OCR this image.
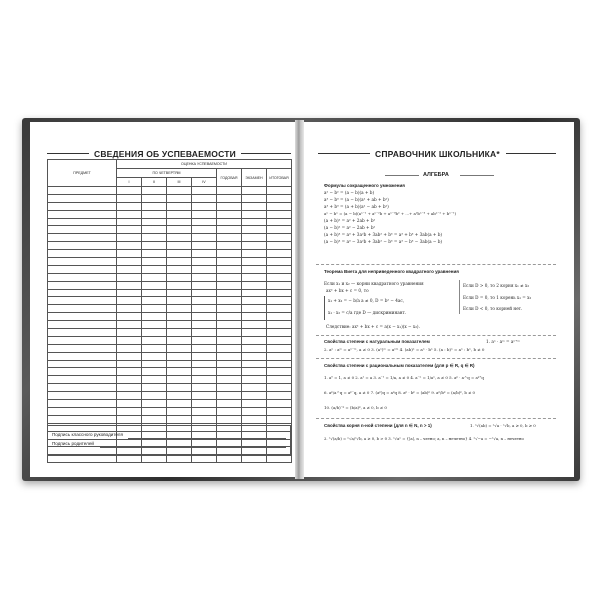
СВЕДЕНИЯ ОБ УСПЕВАЕМОСТИ
ПРЕДМЕТ	ОЦЕНКА УСПЕВАЕМОСТИ						
	ПО ЧЕТВЕРТЯМ				ГОДОВАЯ	ЭКЗАМЕН	ИТОГОВАЯ
	I	II	III	IV			

Подпись классного руководителя
Подпись родителей
СПРАВОЧНИК ШКОЛЬНИКА*
АЛГЕБРА
Формулы сокращенного умножения
a² − b² = (a − b)(a + b)
a³ − b³ = (a − b)(a² + ab + b²)
a³ + b³ = (a + b)(a² − ab + b²)
aⁿ − bⁿ = (a − b)(aⁿ⁻¹ + aⁿ⁻²b + aⁿ⁻³b² + ...+ a²bⁿ⁻³ + abⁿ⁻² + bⁿ⁻¹)
(a + b)² = a² + 2ab + b²
(a − b)² = a² − 2ab + b²
(a + b)³ = a³ + 3a²b + 3ab² + b³ = a³ + b³ + 3ab(a + b)
(a − b)³ = a³ − 3a²b + 3ab² − b³ = a³ − b³ − 3ab(a − b)
Теорема Виета для неприведенного квадратного уравнения
Если x₁ и x₂ — корни квадратного уравнения
ax² + bx + c = 0, то
x₁ + x₂ = − b/a a ≠ 0, D = b² − 4ac,
x₁ · x₂ = c/a где D — дискриминант.
Следствие: ax² + bx + c = a(x − x₁)(x − x₂).
Если D > 0, то 2 корня x₁ ≠ x₂
Если D = 0, то 1 корень x₁ = x₂
Если D < 0, то корней нет.
Свойства степени с натуральным показателем	1. aⁿ · aᵐ = aⁿ⁺ᵐ
2. aⁿ : aᵐ = aⁿ⁻ᵐ, a ≠ 0 3. (aⁿ)ᵐ = aⁿᵐ 4. (ab)ⁿ = aⁿ · bⁿ 5. (a : b)ⁿ = aⁿ : bⁿ, b ≠ 0
Свойства степени с рациональным показателем (для p ∈ R, q ∈ R)
1. a⁰ = 1, a ≠ 0 2. a¹ = a 3. a⁻¹ = 1/a, a ≠ 0 4. a⁻ⁿ = 1/aⁿ, a ≠ 0 5. aᵖ · a^q = aᵖ⁺q
6. aᵖ/a^q = aᵖ⁻q, a ≠ 0 7. (aᵖ)q = aᵖq 8. aᵖ · bᵖ = (ab)ᵖ 9. aᵖ/bᵖ = (a/b)ᵖ, b ≠ 0
10. (a/b)⁻ᵖ = (b/a)ᵖ, a ≠ 0, b ≠ 0
Свойства корня n-ной степени (для n ∈ N, n > 1)	1. ⁿ√(ab) = ⁿ√a · ⁿ√b, a ≥ 0, b ≥ 0
2. ⁿ√(a/b) = ⁿ√a/ⁿ√b, a ≥ 0, b > 0 3. ⁿ√aⁿ = {|a|, n – четно; a, n – нечетно} 4. ⁿ√−a = −ⁿ√a, n – нечетно
